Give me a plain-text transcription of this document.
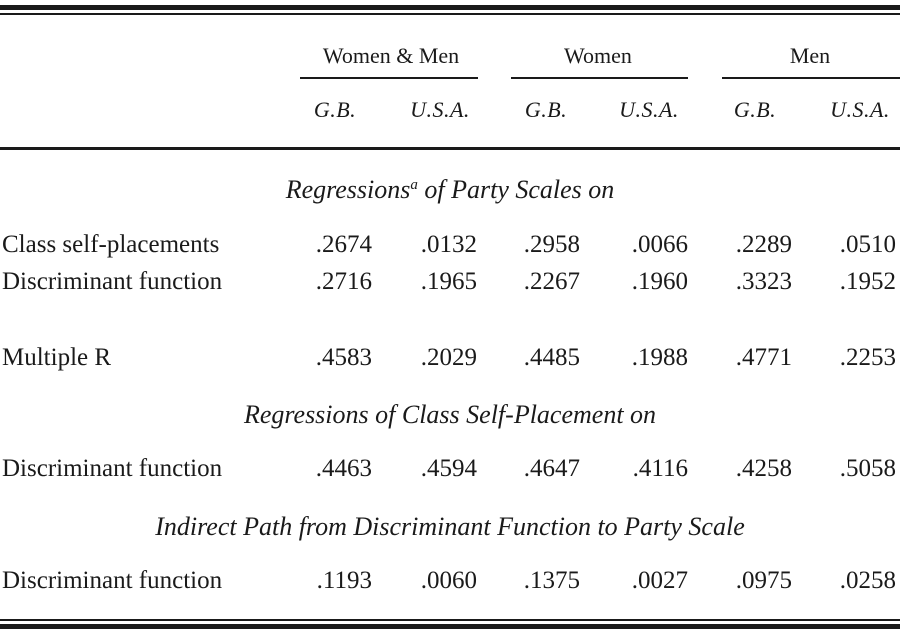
Women & Men	Women	Men
G.B.	U.S.A.	G.B.	U.S.A.	G.B.	U.S.A.
Regressions$^a$ of Party Scales on
Class self-placements	.2674	.0132	.2958	.0066	.2289	.0510
Discriminant function	.2716	.1965	.2267	.1960	.3323	.1952
Multiple R	.4583	.2029	.4485	.1988	.4771	.2253
Regressions of Class Self-Placement on
Discriminant function	.4463	.4594	.4647	.4116	.4258	.5058
Indirect Path from Discriminant Function to Party Scale
Discriminant function	.1193	.0060	.1375	.0027	.0975	.0258
